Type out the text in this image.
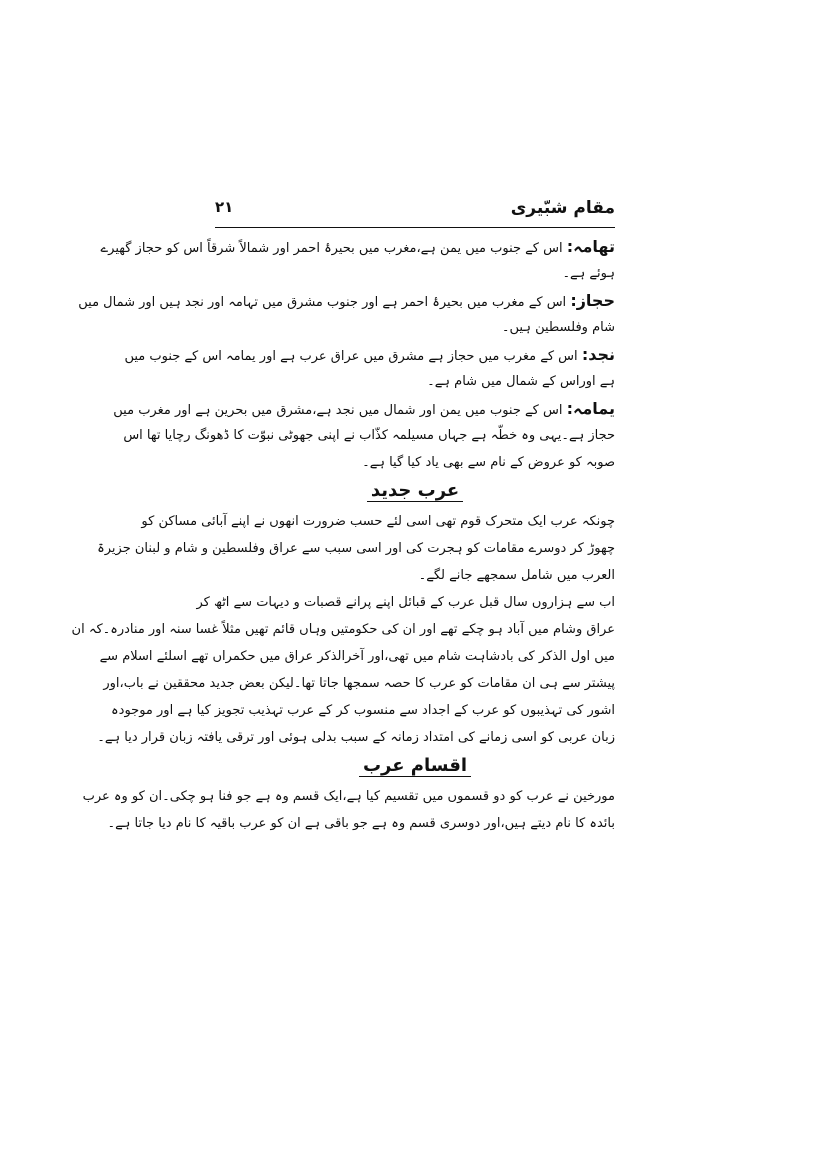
مقام شبّیری
۲۱
تھامہ: اس کے جنوب میں یمن ہے،مغرب میں بحیرۂ احمر اور شمالاً شرقاً اس کو حجاز گھیرے
ہوئے ہے۔
حجاز: اس کے مغرب میں بحیرۂ احمر ہے اور جنوب مشرق میں تہامہ اور نجد ہیں اور شمال میں
شام وفلسطین ہیں۔
نجد: اس کے مغرب میں حجاز ہے مشرق میں عراق عرب ہے اور یمامہ اس کے جنوب میں
ہے اوراس کے شمال میں شام ہے۔
یمامہ: اس کے جنوب میں یمن اور شمال میں نجد ہے،مشرق میں بحرین ہے اور مغرب میں
حجاز ہے۔یہی وہ خطّہ ہے جہاں مسیلمہ کذّاب نے اپنی جھوٹی نبوّت کا ڈھونگ رچایا تھا اس
صوبہ کو عروض کے نام سے بھی یاد کیا گیا ہے۔
عرب جدید
چونکہ عرب ایک متحرک قوم تھی اسی لئے حسب ضرورت انھوں نے اپنے آبائی مساکن کو
چھوڑ کر دوسرے مقامات کو ہجرت کی اور اسی سبب سے عراق وفلسطین و شام و لبنان جزیرۃ
العرب میں شامل سمجھے جانے لگے۔
اب سے ہزاروں سال قبل عرب کے قبائل اپنے پرانے قصبات و دیہات سے اٹھ کر
عراق وشام میں آباد ہو چکے تھے اور ان کی حکومتیں وہاں قائم تھیں مثلاً غسا سنہ اور منادرہ۔کہ ان
میں اول الذکر کی بادشاہت شام میں تھی،اور آخرالذکر عراق میں حکمراں تھے اسلئے اسلام سے
پیشتر سے ہی ان مقامات کو عرب کا حصہ سمجھا جاتا تھا۔لیکن بعض جدید محققین نے باب،اور
اشور کی تہذیبوں کو عرب کے اجداد سے منسوب کر کے عرب تہذیب تجویز کیا ہے اور موجودہ
زبان عربی کو اسی زمانے کی امتداد زمانہ کے سبب بدلی ہوئی اور ترقی یافتہ زبان قرار دیا ہے۔
اقسام عرب
مورخین نے عرب کو دو قسموں میں تقسیم کیا ہے،ایک قسم وہ ہے جو فنا ہو چکی۔ان کو وہ عرب
بائدہ کا نام دیتے ہیں،اور دوسری قسم وہ ہے جو باقی ہے ان کو عرب باقیہ کا نام دیا جاتا ہے۔
